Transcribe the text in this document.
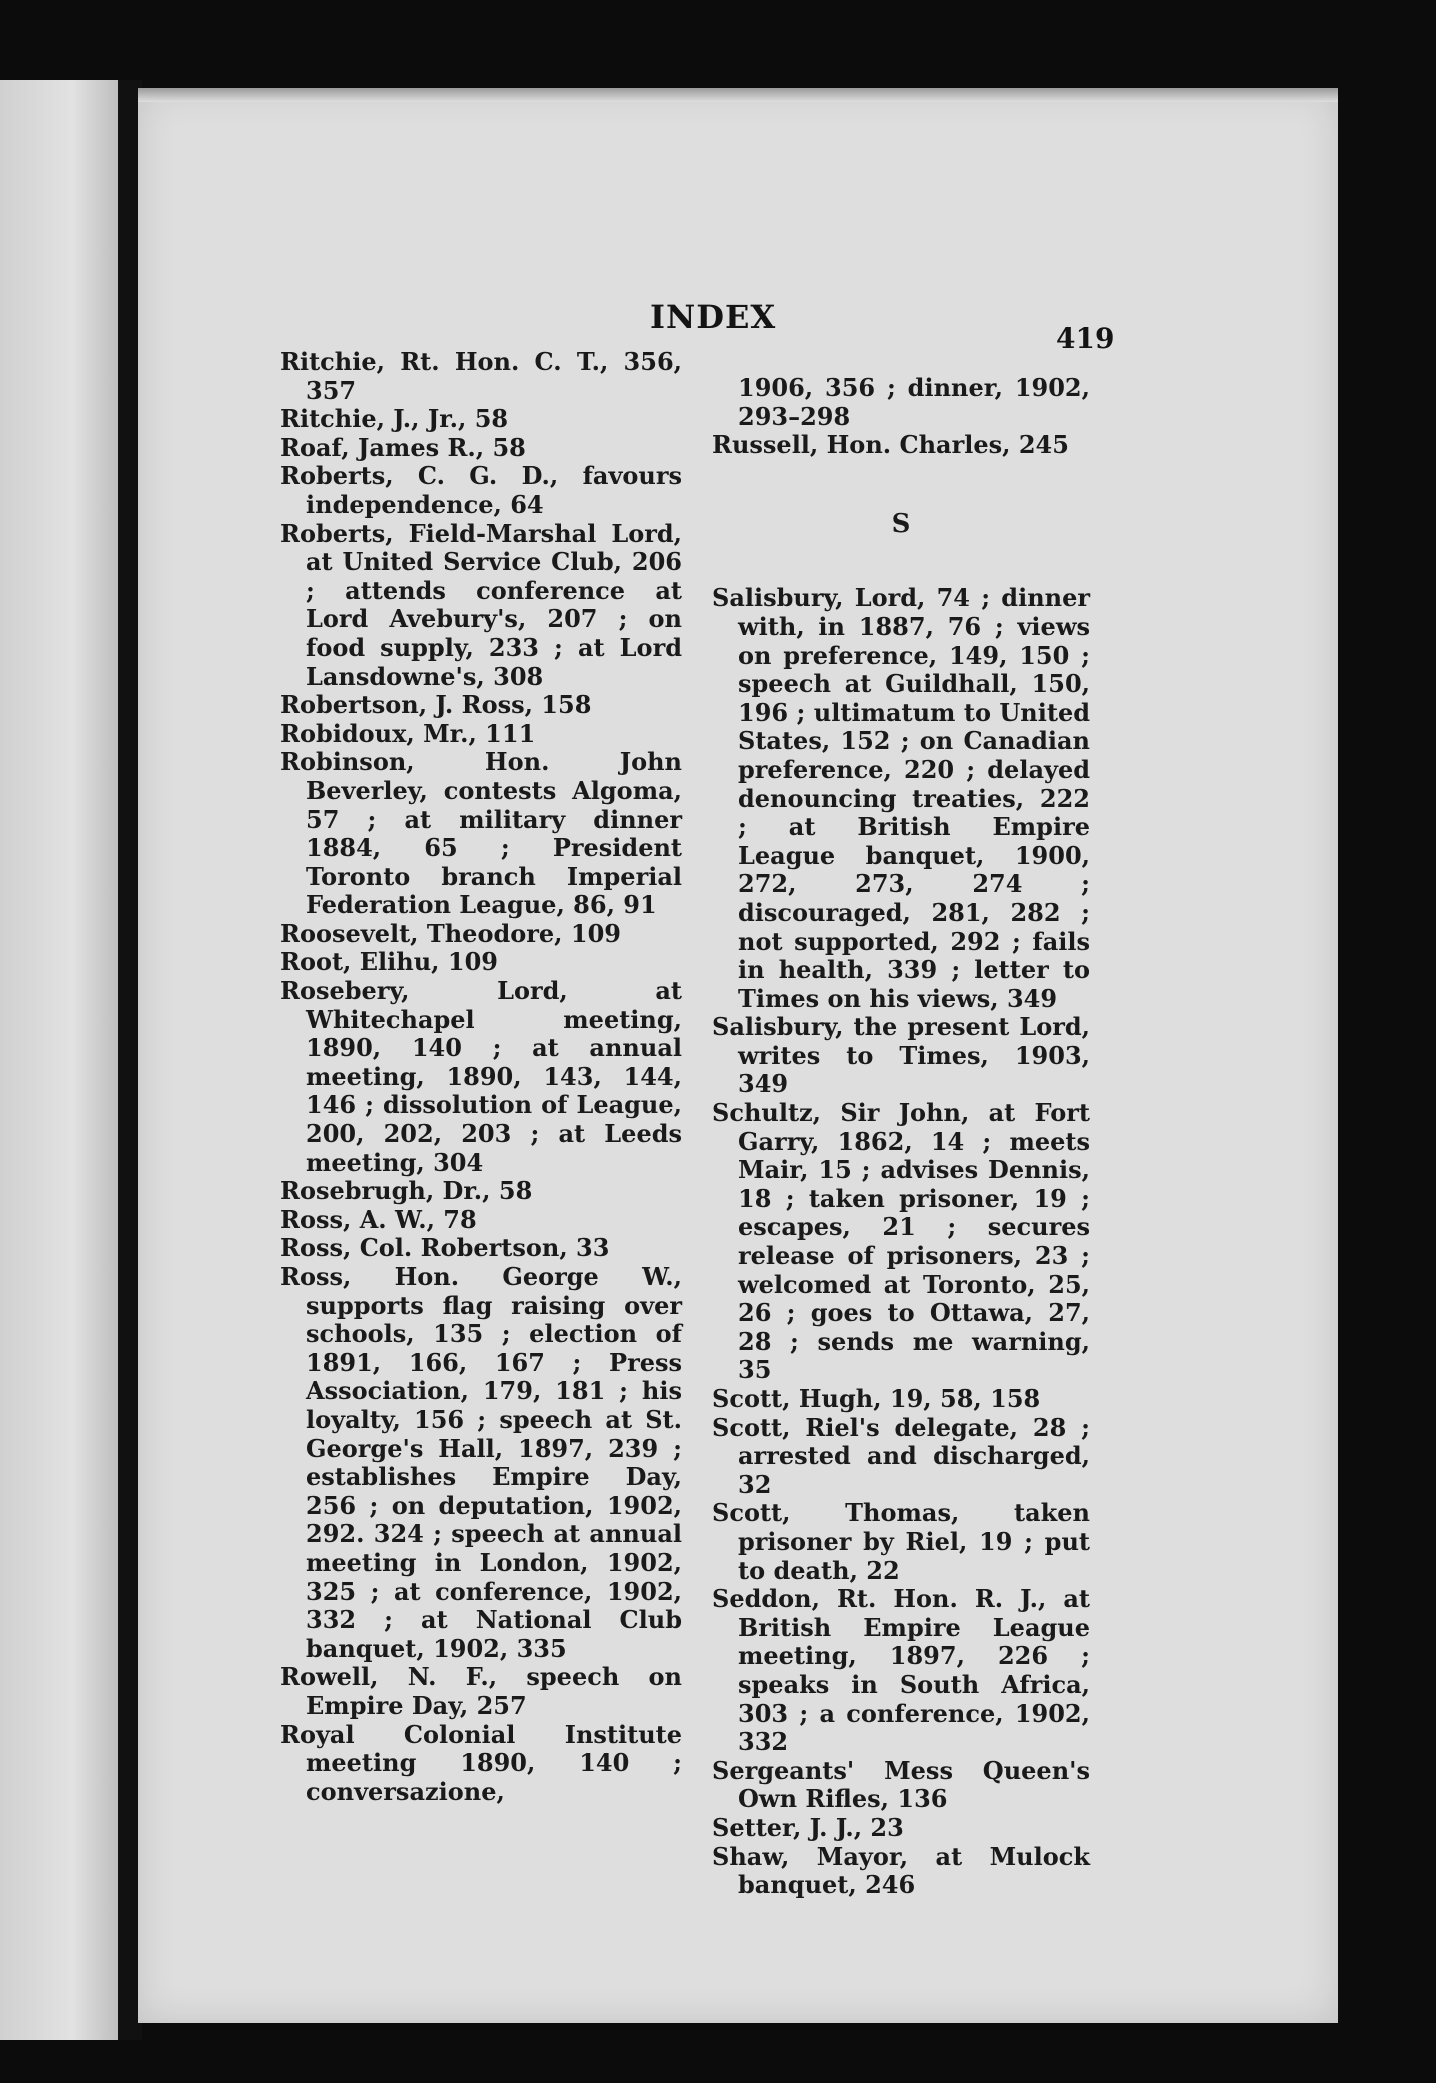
INDEX
419
Ritchie, Rt. Hon. C. T., 356, 357
Ritchie, J., Jr., 58
Roaf, James R., 58
Roberts, C. G. D., favours independence, 64
Roberts, Field-Marshal Lord, at United Service Club, 206 ; attends conference at Lord Avebury's, 207 ; on food supply, 233 ; at Lord Lansdowne's, 308
Robertson, J. Ross, 158
Robidoux, Mr., 111
Robinson, Hon. John Beverley, contests Algoma, 57 ; at military dinner 1884, 65 ; President Toronto branch Imperial Federation League, 86, 91
Roosevelt, Theodore, 109
Root, Elihu, 109
Rosebery, Lord, at Whitechapel meeting, 1890, 140 ; at annual meeting, 1890, 143, 144, 146 ; dissolution of League, 200, 202, 203 ; at Leeds meeting, 304
Rosebrugh, Dr., 58
Ross, A. W., 78
Ross, Col. Robertson, 33
Ross, Hon. George W., supports flag raising over schools, 135 ; election of 1891, 166, 167 ; Press Association, 179, 181 ; his loyalty, 156 ; speech at St. George's Hall, 1897, 239 ; establishes Empire Day, 256 ; on deputation, 1902, 292. 324 ; speech at annual meeting in London, 1902, 325 ; at conference, 1902, 332 ; at National Club banquet, 1902, 335
Rowell, N. F., speech on Empire Day, 257
Royal Colonial Institute meeting 1890, 140 ; conversazione,
1906, 356 ; dinner, 1902, 293–298
Russell, Hon. Charles, 245
S
Salisbury, Lord, 74 ; dinner with, in 1887, 76 ; views on preference, 149, 150 ; speech at Guildhall, 150, 196 ; ultimatum to United States, 152 ; on Canadian preference, 220 ; delayed denouncing treaties, 222 ; at British Empire League banquet, 1900, 272, 273, 274 ; discouraged, 281, 282 ; not supported, 292 ; fails in health, 339 ; letter to Times on his views, 349
Salisbury, the present Lord, writes to Times, 1903, 349
Schultz, Sir John, at Fort Garry, 1862, 14 ; meets Mair, 15 ; advises Dennis, 18 ; taken prisoner, 19 ; escapes, 21 ; secures release of prisoners, 23 ; welcomed at Toronto, 25, 26 ; goes to Ottawa, 27, 28 ; sends me warning, 35
Scott, Hugh, 19, 58, 158
Scott, Riel's delegate, 28 ; arrested and discharged, 32
Scott, Thomas, taken prisoner by Riel, 19 ; put to death, 22
Seddon, Rt. Hon. R. J., at British Empire League meeting, 1897, 226 ; speaks in South Africa, 303 ; a conference, 1902, 332
Sergeants' Mess Queen's Own Rifles, 136
Setter, J. J., 23
Shaw, Mayor, at Mulock banquet, 246
